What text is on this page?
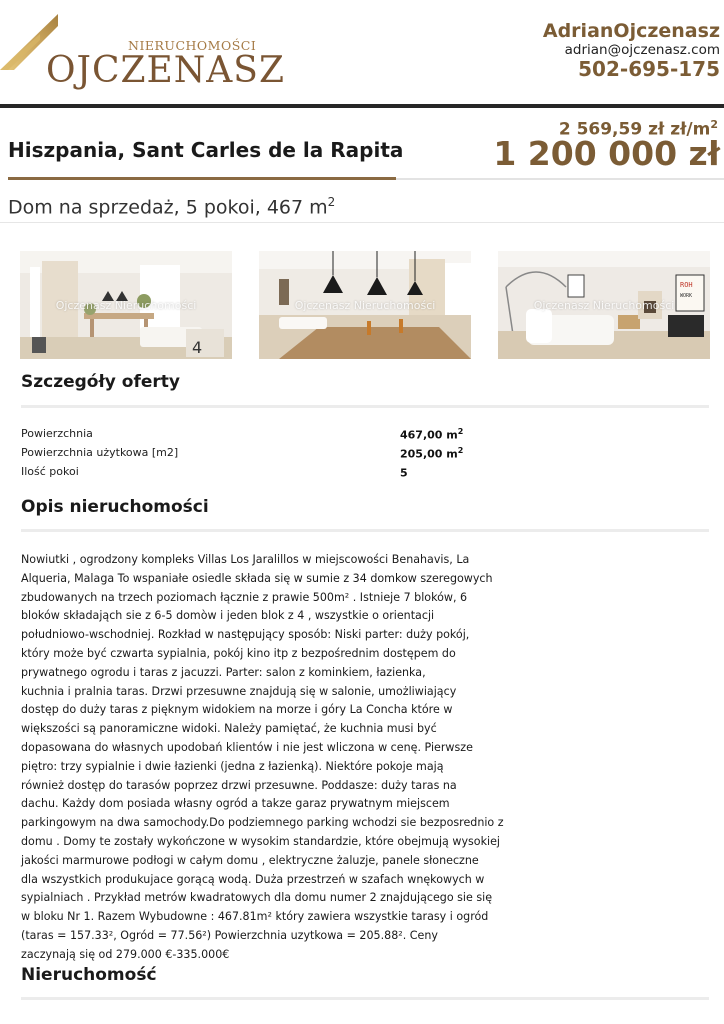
NIERUCHOMOŚCI
OJCZENASZ
AdrianOjczenasz
adrian@ojczenasz.com
502-695-175
2 569,59 zł $zł/m^2$
1 200 000 zł
Hiszpania, Sant Carles de la Rapita
Dom na sprzedaż, 5 pokoi, 467 $m^2$
4
Ojczenasz Nieruchomości	Ojczenasz Nieruchomości
ROH
WORK
Ojczenasz Nieruchomości
Szczegóły oferty
Powierzchnia	467,00 $m^2$
Powierzchnia użytkowa [m2]	205,00 $m^2$
Ilość pokoi	5
Opis nieruchomości
Nowiutki , ogrodzony kompleks Villas Los Jaralillos w miejscowości Benahavis, La
Alqueria, Malaga To wspaniałe osiedle składa się w sumie z 34 domkow szeregowych
zbudowanych na trzech poziomach łącznie z prawie 500m² . Istnieje 7 bloków, 6
bloków składająch sie z 6-5 domòw i jeden blok z 4 , wszystkie o orientacji
południowo-wschodniej. Rozkład w następujący sposób: Niski parter: duży pokój,
który może być czwarta sypialnia, pokój kino itp z bezpośrednim dostępem do
prywatnego ogrodu i taras z jacuzzi. Parter: salon z kominkiem, łazienka,
kuchnia i pralnia taras. Drzwi przesuwne znajdują się w salonie, umożliwiający
dostęp do duży taras z pięknym widokiem na morze i góry La Concha które w
większości są panoramiczne widoki. Należy pamiętać, że kuchnia musi być
dopasowana do własnych upodobań klientów i nie jest wliczona w cenę. Pierwsze
piętro: trzy sypialnie i dwie łazienki (jedna z łazienką). Niektóre pokoje mają
również dostęp do tarasów poprzez drzwi przesuwne. Poddasze: duży taras na
dachu. Każdy dom posiada własny ogród a takze garaz prywatnym miejscem
parkingowym na dwa samochody.Do podziemnego parking wchodzi sie bezposrednio z
domu . Domy te zostały wykończone w wysokim standardzie, które obejmują wysokiej
jakości marmurowe podłogi w całym domu , elektryczne żaluzje, panele słoneczne
dla wszystkich produkujace gorącą wodą. Duża przestrzeń w szafach wnękowych w
sypialniach . Przykład metrów kwadratowych dla domu numer 2 znajdującego sie się
w bloku Nr 1. Razem Wybudowne : 467.81m² który zawiera wszystkie tarasy i ogród
(taras = 157.33², Ogród = 77.56²) Powierzchnia uzytkowa = 205.88². Ceny
zaczynają się od 279.000 €-335.000€
Nieruchomość
